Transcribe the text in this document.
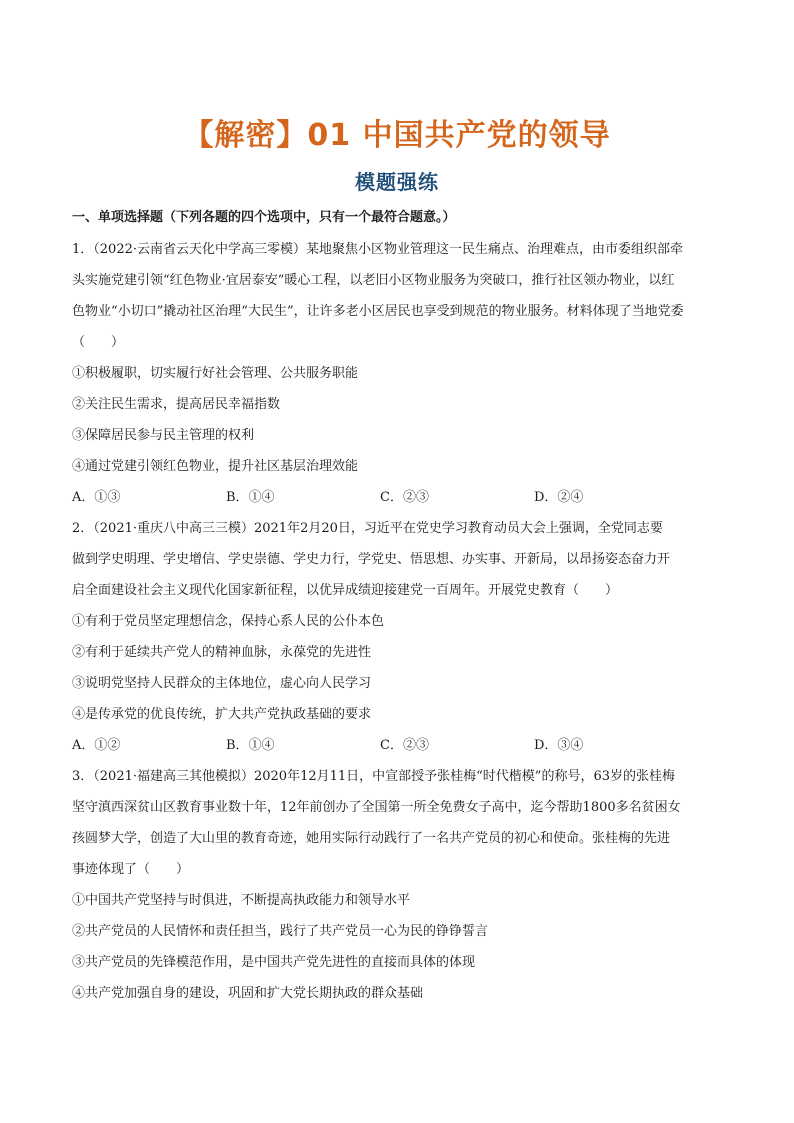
【解密】01 中国共产党的领导
模题强练
一、单项选择题（下列各题的四个选项中，只有一个最符合题意。）
1．（2022·云南省云天化中学高三零模）某地聚焦小区物业管理这一民生痛点、治理难点，由市委组织部牵
头实施党建引领“红色物业·宜居泰安”暖心工程，以老旧小区物业服务为突破口，推行社区领办物业，以红
色物业“小切口”撬动社区治理“大民生”，让许多老小区居民也享受到规范的物业服务。材料体现了当地党委
（　　）
①积极履职，切实履行好社会管理、公共服务职能
②关注民生需求，提高居民幸福指数
③保障居民参与民主管理的权利
④通过党建引领红色物业，提升社区基层治理效能
A．①③	B．①④	C．②③	D．②④
2．（2021·重庆八中高三三模）2021年2月20日，习近平在党史学习教育动员大会上强调，全党同志要
做到学史明理、学史增信、学史崇德、学史力行，学党史、悟思想、办实事、开新局，以昂扬姿态奋力开
启全面建设社会主义现代化国家新征程，以优异成绩迎接建党一百周年。开展党史教育（　　）
①有利于党员坚定理想信念，保持心系人民的公仆本色
②有利于延续共产党人的精神血脉，永葆党的先进性
③说明党坚持人民群众的主体地位，虚心向人民学习
④是传承党的优良传统，扩大共产党执政基础的要求
A．①②	B．①④	C．②③	D．③④
3．（2021·福建高三其他模拟）2020年12月11日，中宣部授予张桂梅“时代楷模”的称号，63岁的张桂梅
坚守滇西深贫山区教育事业数十年，12年前创办了全国第一所全免费女子高中，迄今帮助1800多名贫困女
孩圆梦大学，创造了大山里的教育奇迹，她用实际行动践行了一名共产党员的初心和使命。张桂梅的先进
事迹体现了（　　）
①中国共产党坚持与时俱进，不断提高执政能力和领导水平
②共产党员的人民情怀和责任担当，践行了共产党员一心为民的铮铮誓言
③共产党员的先锋模范作用，是中国共产党先进性的直接而具体的体现
④共产党加强自身的建设，巩固和扩大党长期执政的群众基础
